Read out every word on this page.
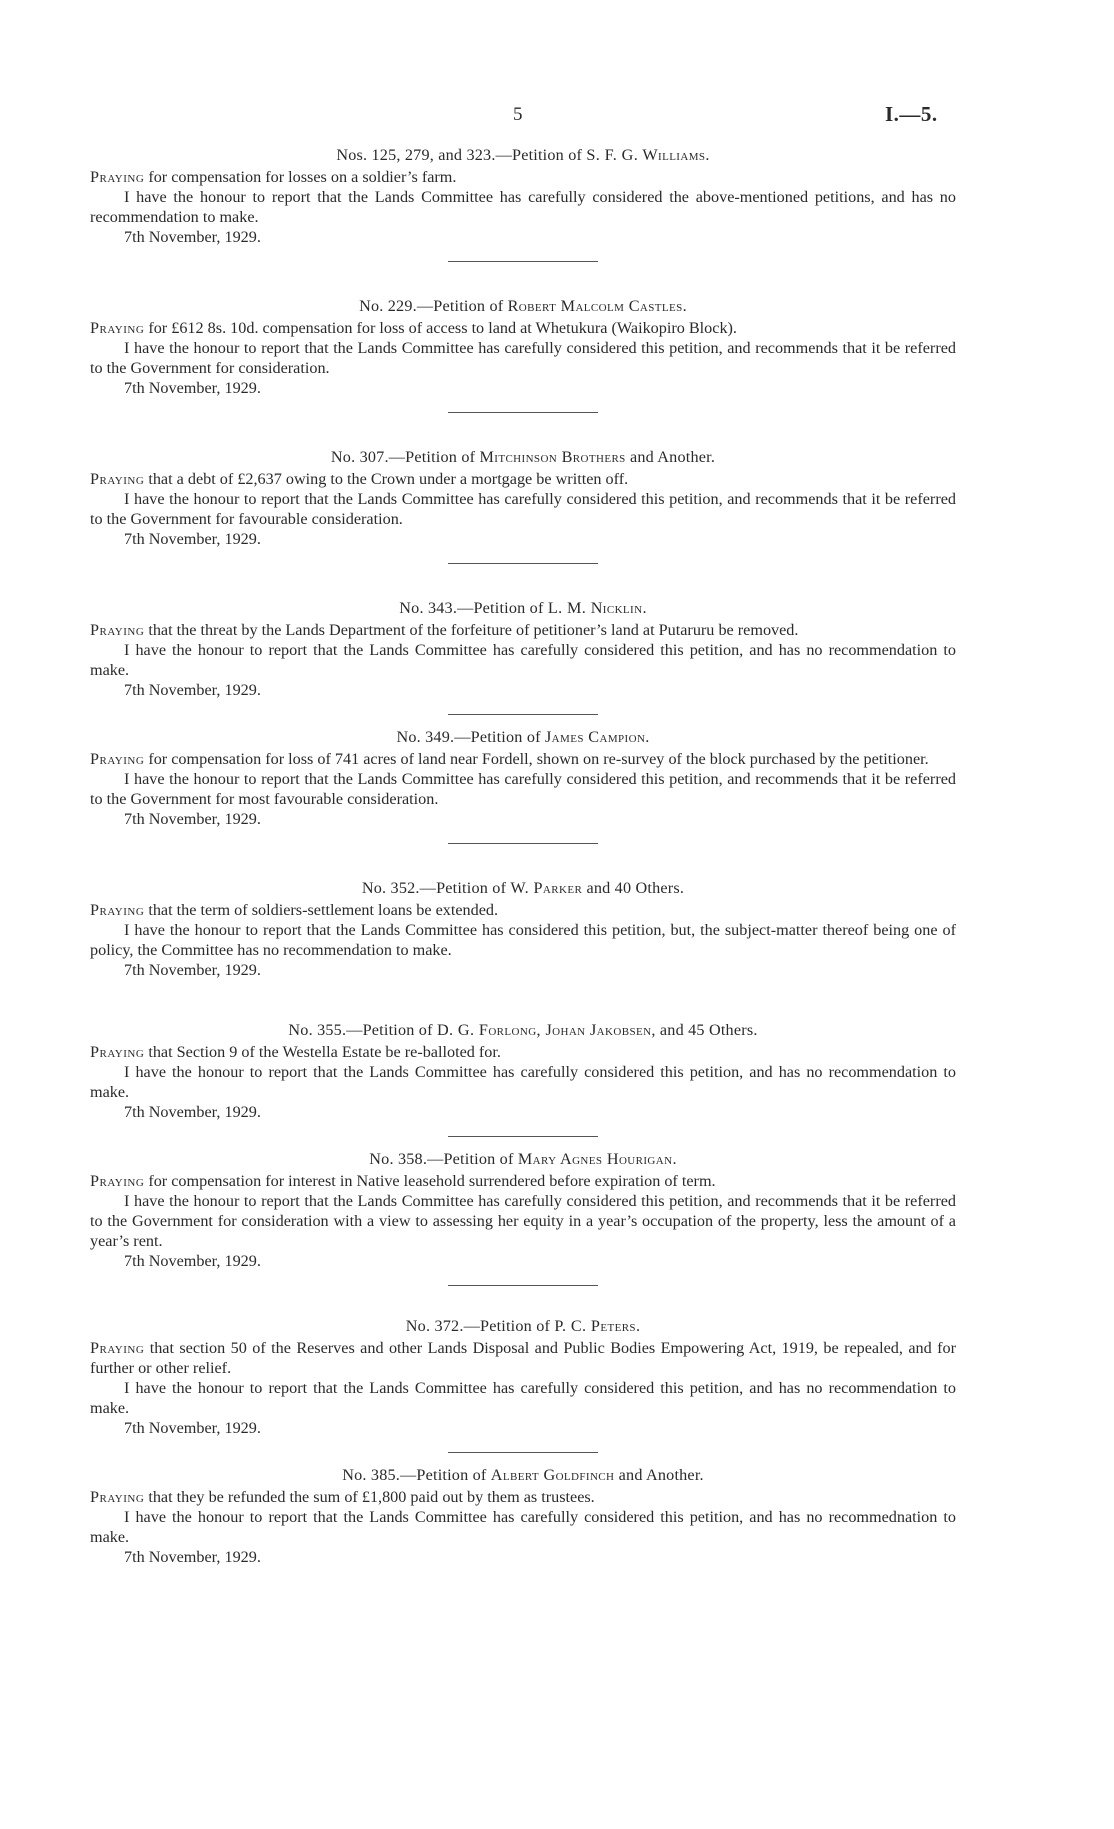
5	I.—5.
Nos. 125, 279, and 323.—Petition of S. F. G. Williams.

Praying for compensation for losses on a soldier’s farm.

I have the honour to report that the Lands Committee has carefully considered the above-mentioned petitions, and has no recommendation to make.

7th November, 1929.

No. 229.—Petition of Robert Malcolm Castles.

Praying for £612 8s. 10d. compensation for loss of access to land at Whetukura (Waikopiro Block).

I have the honour to report that the Lands Committee has carefully considered this petition, and recommends that it be referred to the Government for consideration.

7th November, 1929.

No. 307.—Petition of Mitchinson Brothers and Another.

Praying that a debt of £2,637 owing to the Crown under a mortgage be written off.

I have the honour to report that the Lands Committee has carefully considered this petition, and recommends that it be referred to the Government for favourable consideration.

7th November, 1929.

No. 343.—Petition of L. M. Nicklin.

Praying that the threat by the Lands Department of the forfeiture of petitioner’s land at Putaruru be removed.

I have the honour to report that the Lands Committee has carefully considered this petition, and has no recommendation to make.

7th November, 1929.

No. 349.—Petition of James Campion.

Praying for compensation for loss of 741 acres of land near Fordell, shown on re-survey of the block purchased by the petitioner.

I have the honour to report that the Lands Committee has carefully considered this petition, and recommends that it be referred to the Government for most favourable consideration.

7th November, 1929.

No. 352.—Petition of W. Parker and 40 Others.

Praying that the term of soldiers-settlement loans be extended.

I have the honour to report that the Lands Committee has considered this petition, but, the subject-matter thereof being one of policy, the Committee has no recommendation to make.

7th November, 1929.

No. 355.—Petition of D. G. Forlong, Johan Jakobsen, and 45 Others.

Praying that Section 9 of the Westella Estate be re-balloted for.

I have the honour to report that the Lands Committee has carefully considered this petition, and has no recommendation to make.

7th November, 1929.

No. 358.—Petition of Mary Agnes Hourigan.

Praying for compensation for interest in Native leasehold surrendered before expiration of term.

I have the honour to report that the Lands Committee has carefully considered this petition, and recommends that it be referred to the Government for consideration with a view to assessing her equity in a year’s occupation of the property, less the amount of a year’s rent.

7th November, 1929.

No. 372.—Petition of P. C. Peters.

Praying that section 50 of the Reserves and other Lands Disposal and Public Bodies Empowering Act, 1919, be repealed, and for further or other relief.

I have the honour to report that the Lands Committee has carefully considered this petition, and has no recommendation to make.

7th November, 1929.

No. 385.—Petition of Albert Goldfinch and Another.

Praying that they be refunded the sum of £1,800 paid out by them as trustees.

I have the honour to report that the Lands Committee has carefully considered this petition, and has no recommednation to make.

7th November, 1929.
